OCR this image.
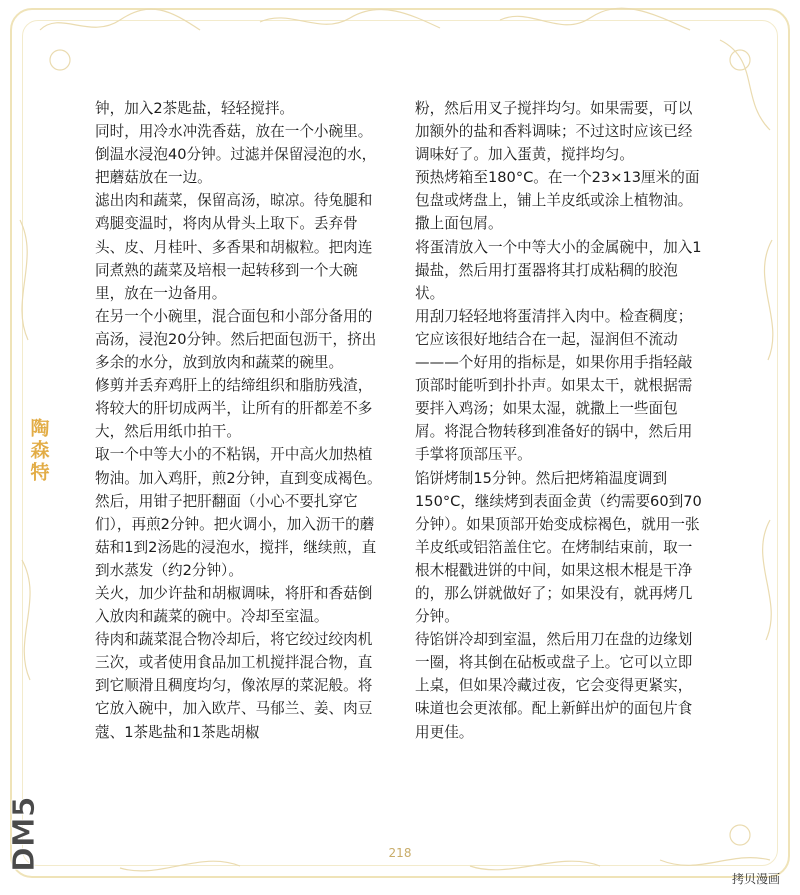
陶森特

钟，加入2茶匙盐，轻轻搅拌。

同时，用冷水冲洗香菇，放在一个小碗里。倒温水浸泡40分钟。过滤并保留浸泡的水，把蘑菇放在一边。

滤出肉和蔬菜，保留高汤，晾凉。待兔腿和鸡腿变温时，将肉从骨头上取下。丢弃骨头、皮、月桂叶、多香果和胡椒粒。把肉连同煮熟的蔬菜及培根一起转移到一个大碗里，放在一边备用。

在另一个小碗里，混合面包和小部分备用的高汤，浸泡20分钟。然后把面包沥干，挤出多余的水分，放到放肉和蔬菜的碗里。

修剪并丢弃鸡肝上的结缔组织和脂肪残渣，将较大的肝切成两半，让所有的肝都差不多大，然后用纸巾拍干。

取一个中等大小的不粘锅，开中高火加热植物油。加入鸡肝，煎2分钟，直到变成褐色。然后，用钳子把肝翻面（小心不要扎穿它们），再煎2分钟。把火调小，加入沥干的蘑菇和1到2汤匙的浸泡水，搅拌，继续煎，直到水蒸发（约2分钟）。

关火，加少许盐和胡椒调味，将肝和香菇倒入放肉和蔬菜的碗中。冷却至室温。

待肉和蔬菜混合物冷却后，将它绞过绞肉机三次，或者使用食品加工机搅拌混合物，直到它顺滑且稠度均匀，像浓厚的菜泥般。将它放入碗中，加入欧芹、马郁兰、姜、肉豆蔻、1茶匙盐和1茶匙胡椒

粉，然后用叉子搅拌均匀。如果需要，可以加额外的盐和香料调味；不过这时应该已经调味好了。加入蛋黄，搅拌均匀。

预热烤箱至180°C。在一个23×13厘米的面包盘或烤盘上，铺上羊皮纸或涂上植物油。撒上面包屑。

将蛋清放入一个中等大小的金属碗中，加入1撮盐，然后用打蛋器将其打成粘稠的胶泡状。

用刮刀轻轻地将蛋清拌入肉中。检查稠度；它应该很好地结合在一起，湿润但不流动———个好用的指标是，如果你用手指轻敲顶部时能听到扑扑声。如果太干，就根据需要拌入鸡汤；如果太湿，就撒上一些面包屑。将混合物转移到准备好的锅中，然后用手掌将顶部压平。

馅饼烤制15分钟。然后把烤箱温度调到150°C，继续烤到表面金黄（约需要60到70分钟）。如果顶部开始变成棕褐色，就用一张羊皮纸或铝箔盖住它。在烤制结束前，取一根木棍戳进饼的中间，如果这根木棍是干净的，那么饼就做好了；如果没有，就再烤几分钟。

待馅饼冷却到室温，然后用刀在盘的边缘划一圈，将其倒在砧板或盘子上。它可以立即上桌，但如果冷藏过夜，它会变得更紧实，味道也会更浓郁。配上新鲜出炉的面包片食用更佳。

218
DM5
拷贝漫画
